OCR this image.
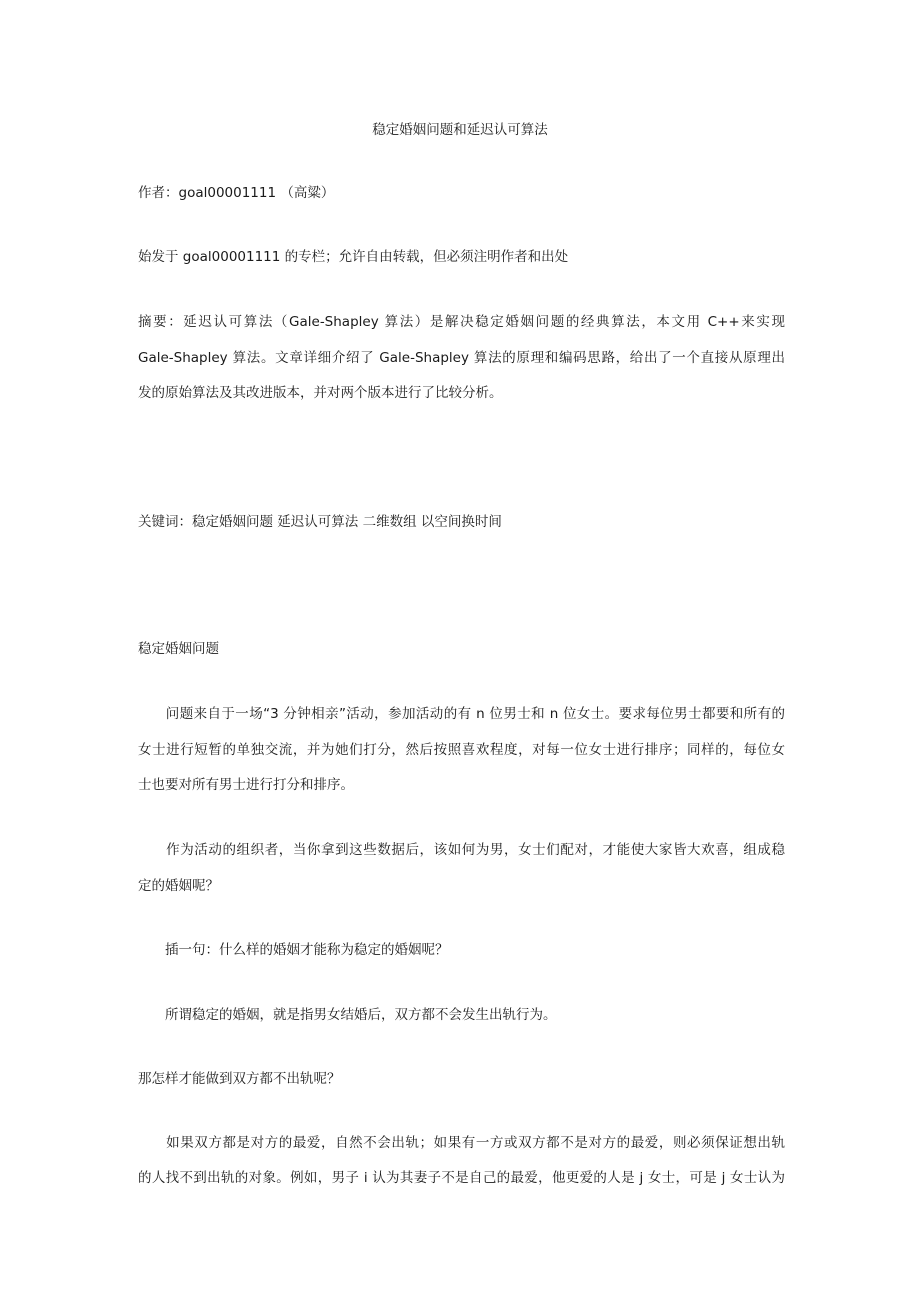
稳定婚姻问题和延迟认可算法
作者：goal00001111 （高粱）
始发于 goal00001111 的专栏；允许自由转载，但必须注明作者和出处
摘要：延迟认可算法（Gale-Shapley 算法）是解决稳定婚姻问题的经典算法，本文用 C++来实现
Gale-Shapley 算法。文章详细介绍了 Gale-Shapley 算法的原理和编码思路，给出了一个直接从原理出
发的原始算法及其改进版本，并对两个版本进行了比较分析。
关键词：稳定婚姻问题 延迟认可算法 二维数组 以空间换时间
稳定婚姻问题
　　问题来自于一场“3 分钟相亲”活动，参加活动的有 n 位男士和 n 位女士。要求每位男士都要和所有的
女士进行短暂的单独交流，并为她们打分，然后按照喜欢程度，对每一位女士进行排序；同样的，每位女
士也要对所有男士进行打分和排序。
　　作为活动的组织者，当你拿到这些数据后，该如何为男，女士们配对，才能使大家皆大欢喜，组成稳
定的婚姻呢？
　　插一句：什么样的婚姻才能称为稳定的婚姻呢？
　　所谓稳定的婚姻，就是指男女结婚后，双方都不会发生出轨行为。
那怎样才能做到双方都不出轨呢？
　　如果双方都是对方的最爱，自然不会出轨；如果有一方或双方都不是对方的最爱，则必须保证想出轨
的人找不到出轨的对象。例如，男子 i 认为其妻子不是自己的最爱，他更爱的人是 j 女士，可是 j 女士认为
